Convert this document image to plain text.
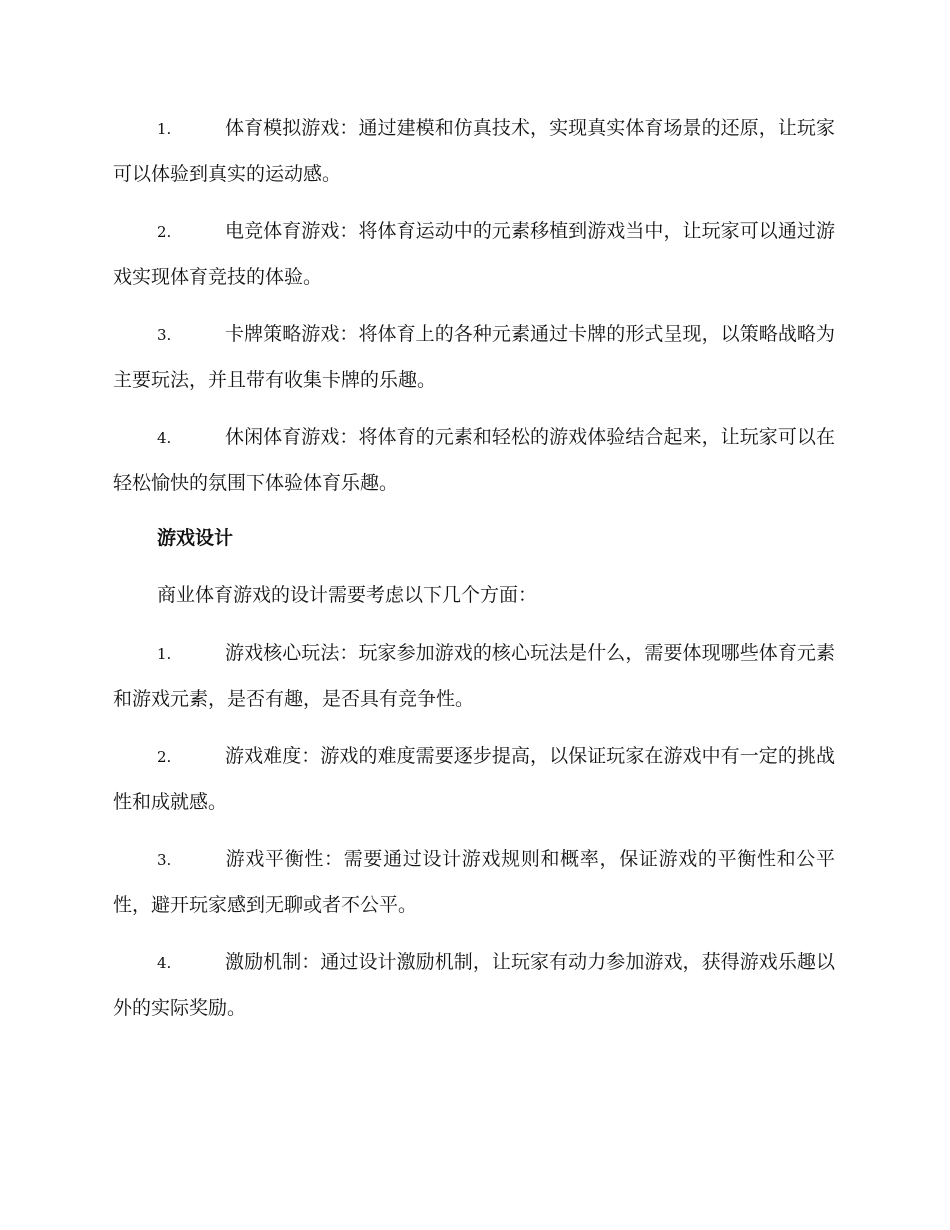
1.	体育模拟游戏：通过建模和仿真技术，实现真实体育场景的还原，让玩家可以体验到真实的运动感。

2.	电竞体育游戏：将体育运动中的元素移植到游戏当中，让玩家可以通过游戏实现体育竞技的体验。

3.	卡牌策略游戏：将体育上的各种元素通过卡牌的形式呈现，以策略战略为主要玩法，并且带有收集卡牌的乐趣。

4.	休闲体育游戏：将体育的元素和轻松的游戏体验结合起来，让玩家可以在轻松愉快的氛围下体验体育乐趣。

游戏设计

商业体育游戏的设计需要考虑以下几个方面：

1.	游戏核心玩法：玩家参加游戏的核心玩法是什么，需要体现哪些体育元素和游戏元素，是否有趣，是否具有竞争性。

2.	游戏难度：游戏的难度需要逐步提高，以保证玩家在游戏中有一定的挑战性和成就感。

3.	游戏平衡性：需要通过设计游戏规则和概率，保证游戏的平衡性和公平性，避开玩家感到无聊或者不公平。

4.	激励机制：通过设计激励机制，让玩家有动力参加游戏，获得游戏乐趣以外的实际奖励。
